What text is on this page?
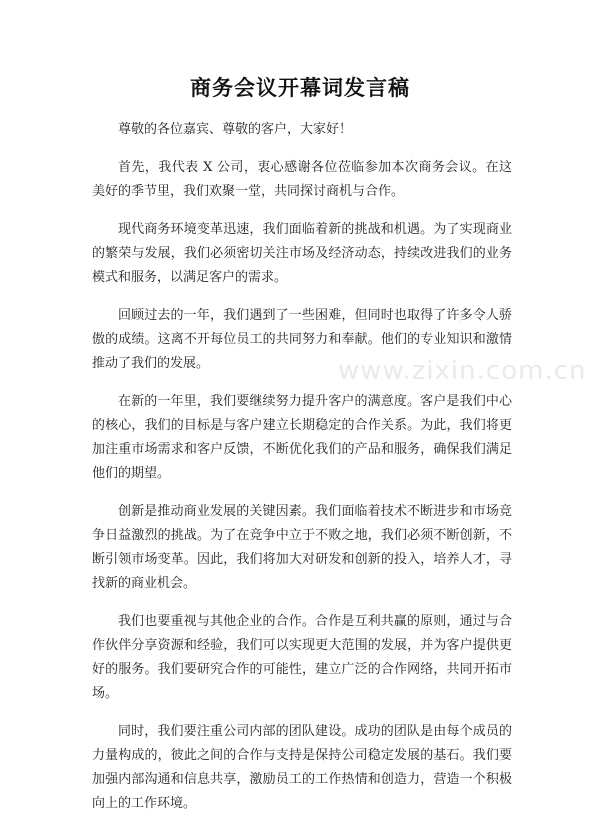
商务会议开幕词发言稿

尊敬的各位嘉宾、尊敬的客户，大家好！

首先，我代表 X 公司，衷心感谢各位莅临参加本次商务会议。在这美好的季节里，我们欢聚一堂，共同探讨商机与合作。

现代商务环境变革迅速，我们面临着新的挑战和机遇。为了实现商业的繁荣与发展，我们必须密切关注市场及经济动态，持续改进我们的业务模式和服务，以满足客户的需求。

回顾过去的一年，我们遇到了一些困难，但同时也取得了许多令人骄傲的成绩。这离不开每位员工的共同努力和奉献。他们的专业知识和激情推动了我们的发展。

在新的一年里，我们要继续努力提升客户的满意度。客户是我们中心的核心，我们的目标是与客户建立长期稳定的合作关系。为此，我们将更加注重市场需求和客户反馈，不断优化我们的产品和服务，确保我们满足他们的期望。

创新是推动商业发展的关键因素。我们面临着技术不断进步和市场竞争日益激烈的挑战。为了在竞争中立于不败之地，我们必须不断创新，不断引领市场变革。因此，我们将加大对研发和创新的投入，培养人才，寻找新的商业机会。

我们也要重视与其他企业的合作。合作是互利共赢的原则，通过与合作伙伴分享资源和经验，我们可以实现更大范围的发展，并为客户提供更好的服务。我们要研究合作的可能性，建立广泛的合作网络，共同开拓市场。

同时，我们要注重公司内部的团队建设。成功的团队是由每个成员的力量构成的，彼此之间的合作与支持是保持公司稳定发展的基石。我们要加强内部沟通和信息共享，激励员工的工作热情和创造力，营造一个积极向上的工作环境。

www.zixin.com.cn
